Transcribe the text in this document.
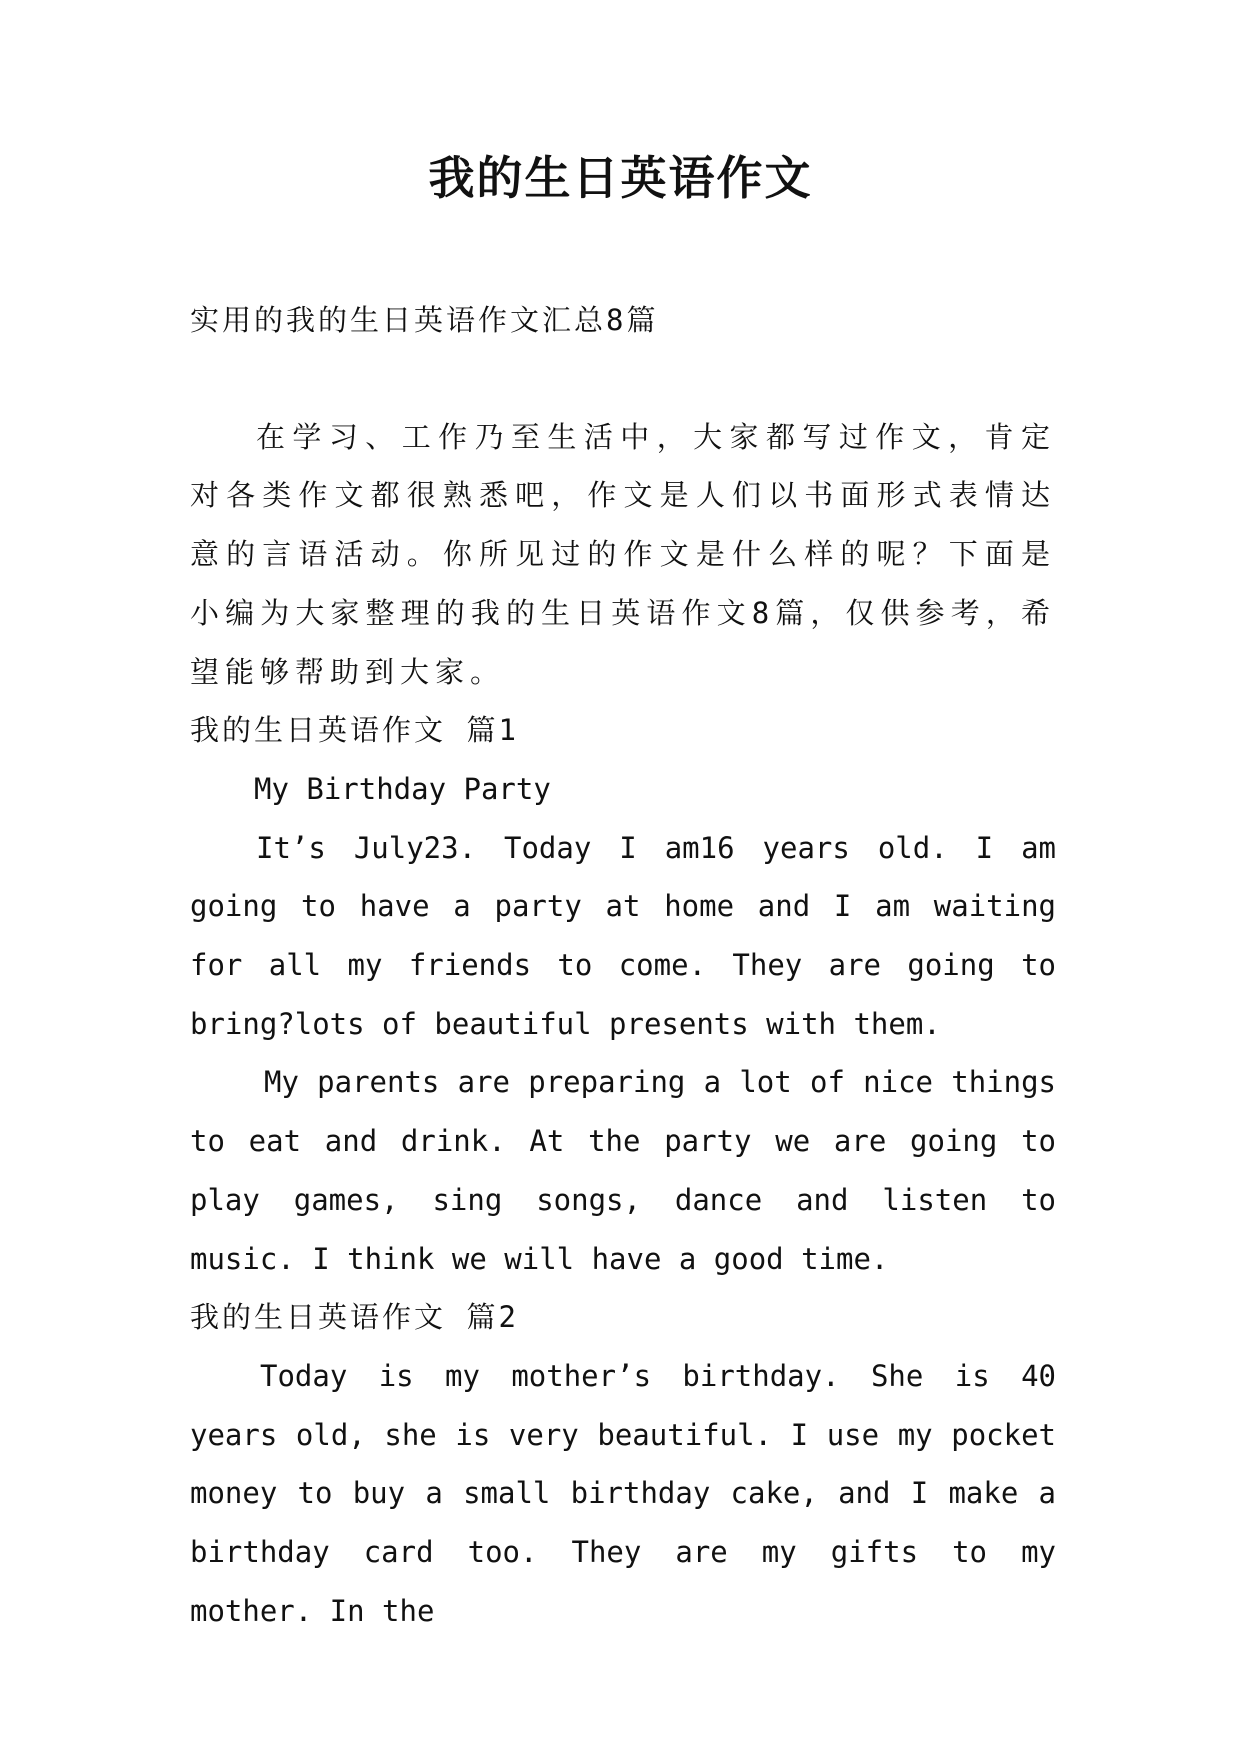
我的生日英语作文

实用的我的生日英语作文汇总8篇

在学习、工作乃至生活中，大家都写过作文，肯定对各类作文都很熟悉吧，作文是人们以书面形式表情达意的言语活动。你所见过的作文是什么样的呢？下面是小编为大家整理的我的生日英语作文8篇，仅供参考，希望能够帮助到大家。

我的生日英语作文 篇1

My Birthday Party

It’s July23. Today I am16 years old. I am going to have a party at home and I am waiting for all my friends to come. They are going to bring?lots of beautiful presents with them.

My parents are preparing a lot of nice things to eat and drink. At the party we are going to play games, sing songs, dance and listen to music. I think we will have a good time.

我的生日英语作文 篇2

Today is my mother’s birthday. She is 40 years old, she is very beautiful. I use my pocket money to buy a small birthday cake, and I make a birthday card too. They are my gifts to my mother. In the
